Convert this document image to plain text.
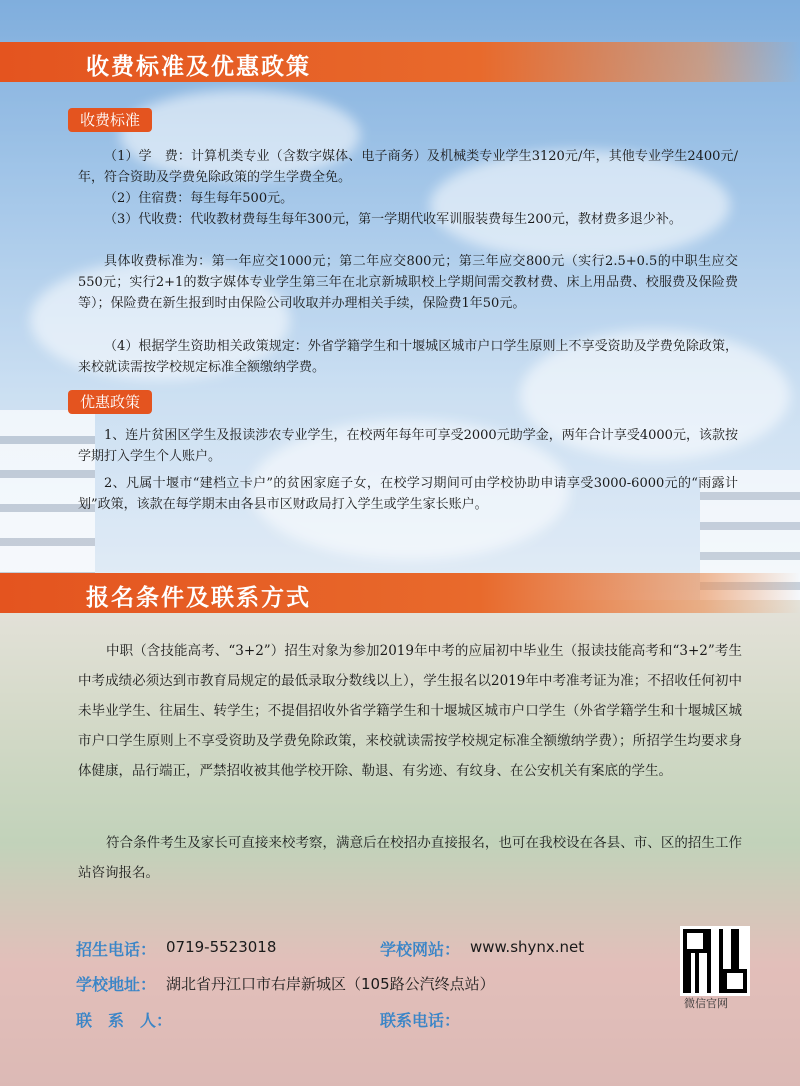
收费标准及优惠政策
收费标准

（1）学　费：计算机类专业（含数字媒体、电子商务）及机械类专业学生3120元/年，其他专业学生2400元/年，符合资助及学费免除政策的学生学费全免。

（2）住宿费：每生每年500元。

（3）代收费：代收教材费每生每年300元，第一学期代收军训服装费每生200元，教材费多退少补。

具体收费标准为：第一年应交1000元；第二年应交800元；第三年应交800元（实行2.5+0.5的中职生应交550元；实行2+1的数字媒体专业学生第三年在北京新城职校上学期间需交教材费、床上用品费、校服费及保险费等）；保险费在新生报到时由保险公司收取并办理相关手续，保险费1年50元。

（4）根据学生资助相关政策规定：外省学籍学生和十堰城区城市户口学生原则上不享受资助及学费免除政策，来校就读需按学校规定标准全额缴纳学费。

优惠政策

1、连片贫困区学生及报读涉农专业学生，在校两年每年可享受2000元助学金，两年合计享受4000元，该款按学期打入学生个人账户。

2、凡属十堰市“建档立卡户”的贫困家庭子女，在校学习期间可由学校协助申请享受3000-6000元的“雨露计划”政策，该款在每学期末由各县市区财政局打入学生或学生家长账户。

报名条件及联系方式

中职（含技能高考、“3+2”）招生对象为参加2019年中考的应届初中毕业生（报读技能高考和“3+2”考生中考成绩必须达到市教育局规定的最低录取分数线以上），学生报名以2019年中考准考证为准；不招收任何初中未毕业学生、往届生、转学生；不提倡招收外省学籍学生和十堰城区城市户口学生（外省学籍学生和十堰城区城市户口学生原则上不享受资助及学费免除政策，来校就读需按学校规定标准全额缴纳学费）；所招学生均要求身体健康，品行端正，严禁招收被其他学校开除、勒退、有劣迹、有纹身、在公安机关有案底的学生。

符合条件考生及家长可直接来校考察，满意后在校招办直接报名，也可在我校设在各县、市、区的招生工作站咨询报名。

招生电话： 0719-5523018	学校网站： www.shynx.net
学校地址： 湖北省丹江口市右岸新城区（105路公汽终点站）
联　系　人：	联系电话：
微信官网
